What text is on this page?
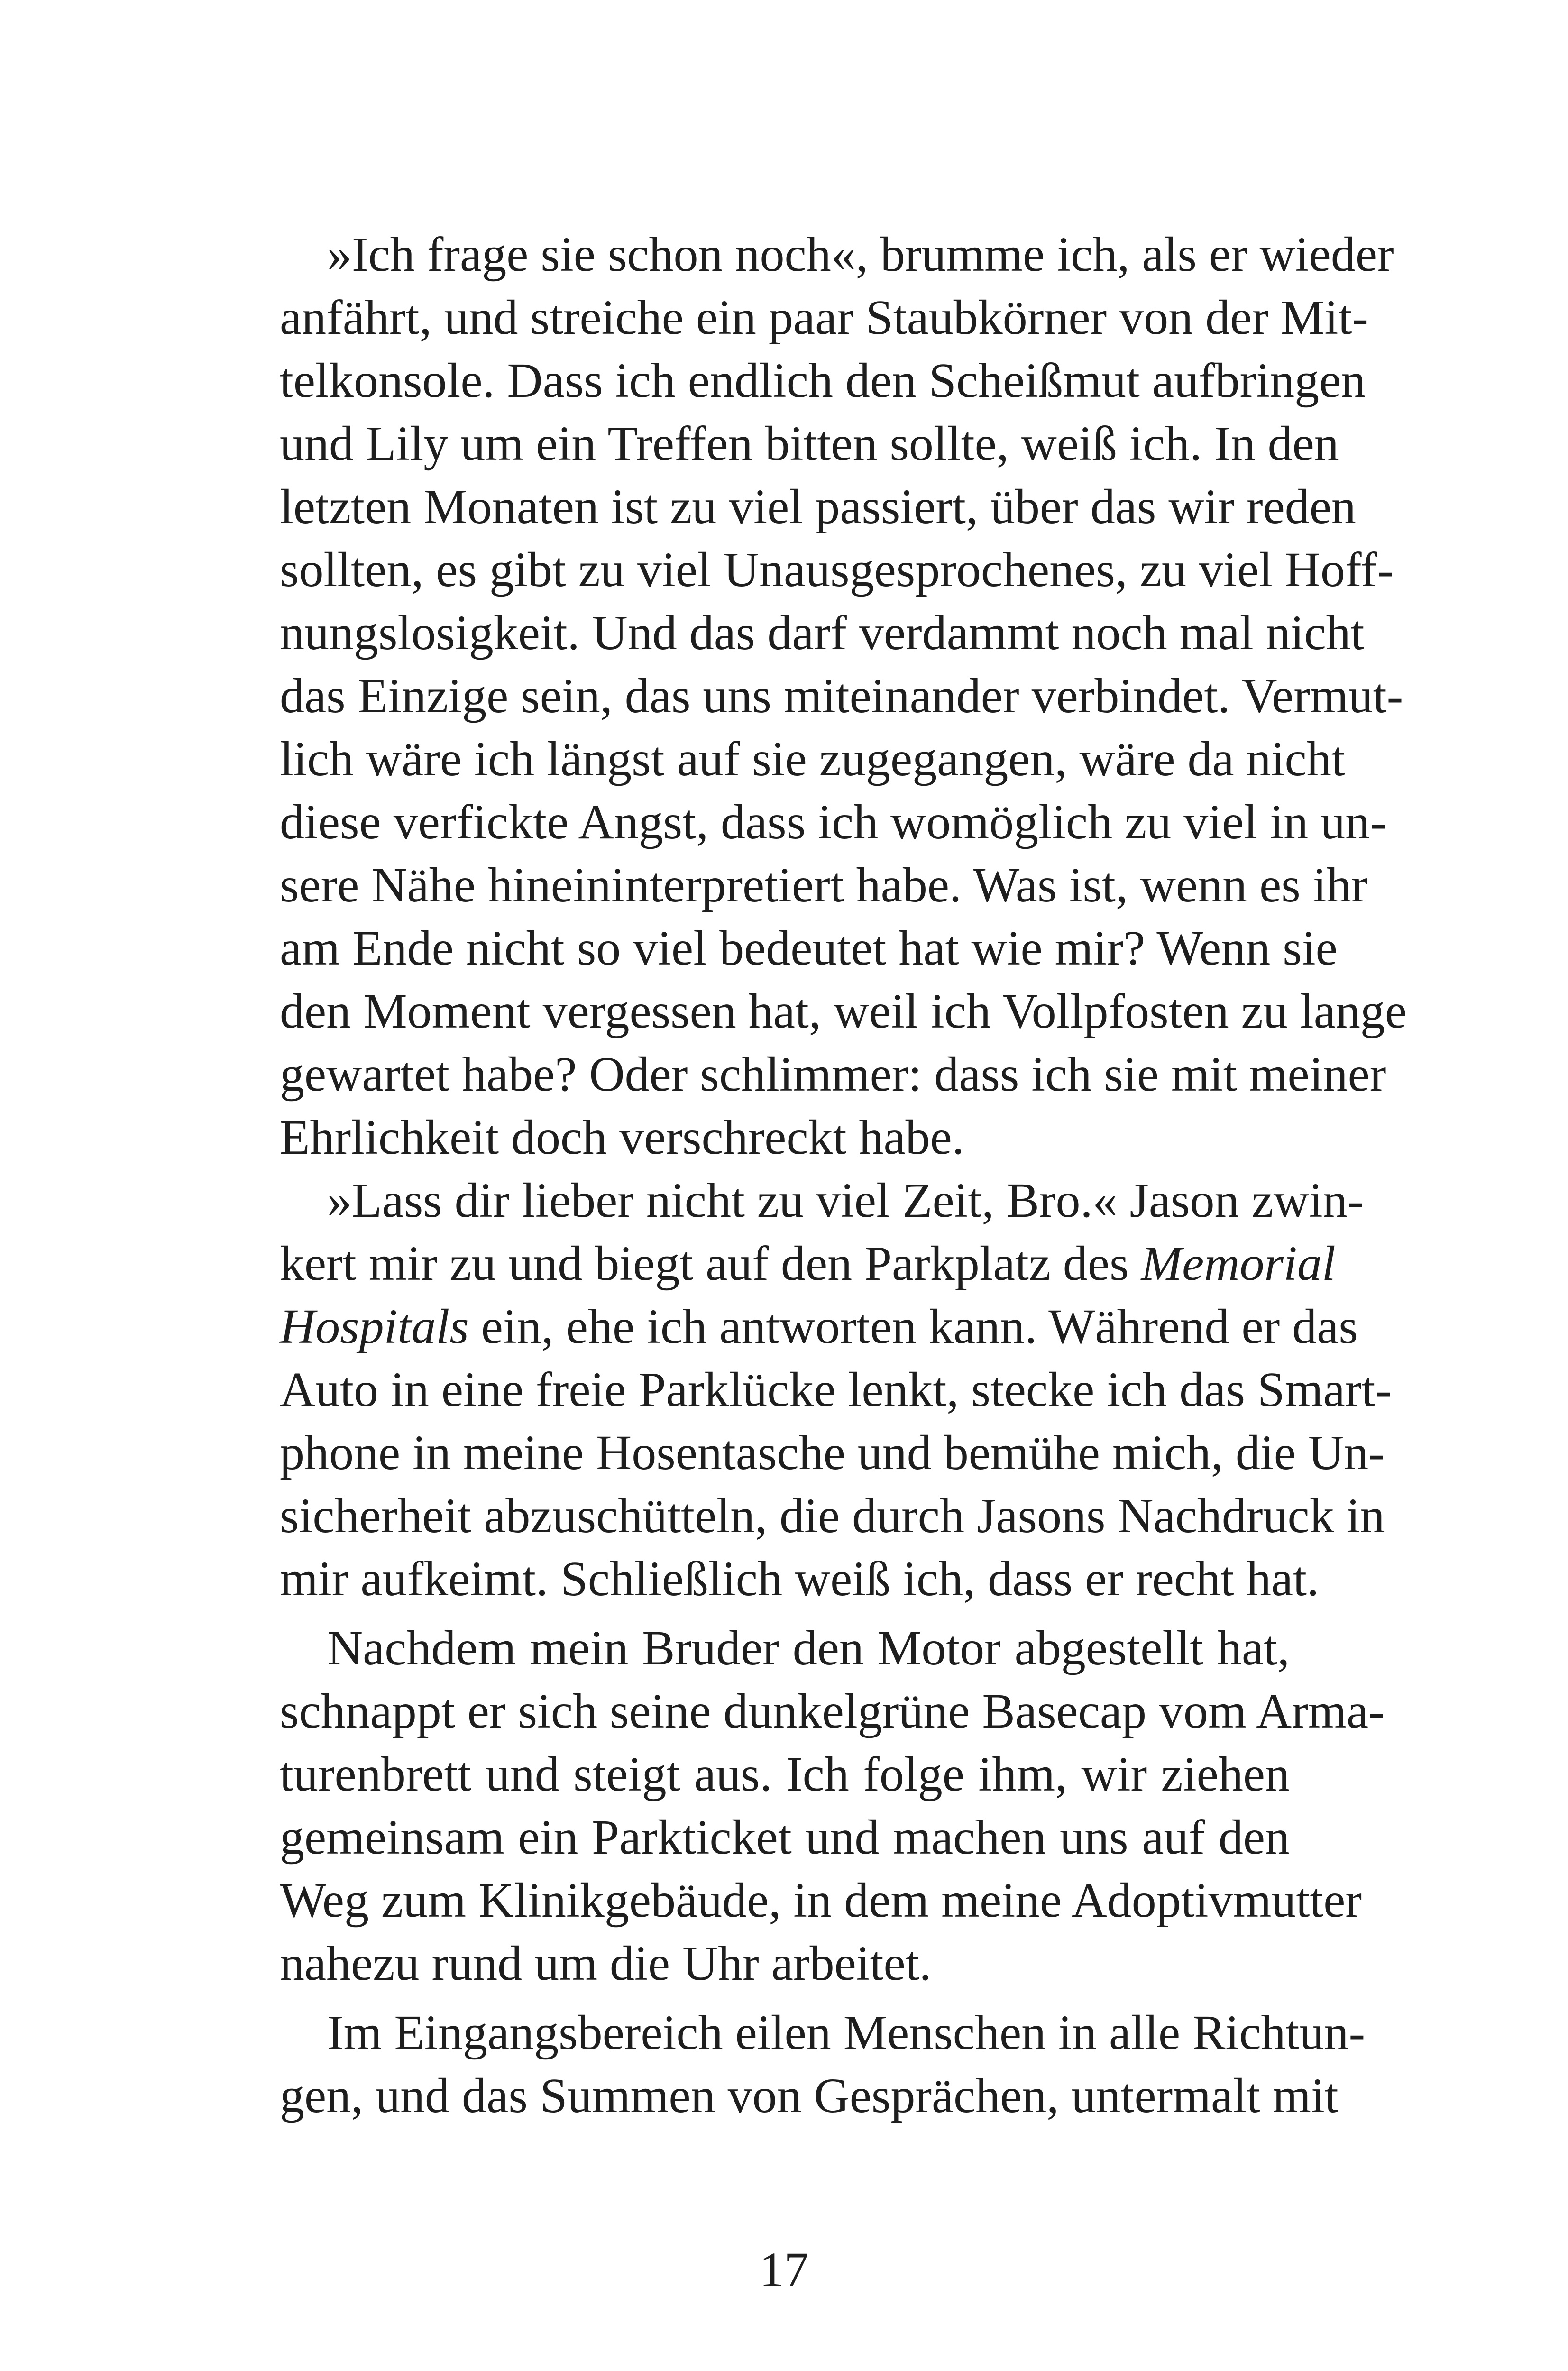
»Ich frage sie schon noch«, brumme ich, als er wieder
anfährt, und streiche ein paar Staubkörner von der Mit-
telkonsole. Dass ich endlich den Scheißmut aufbringen
und Lily um ein Treffen bitten sollte, weiß ich. In den
letzten Monaten ist zu viel passiert, über das wir reden
sollten, es gibt zu viel Unausgesprochenes, zu viel Hoff-
nungslosigkeit. Und das darf verdammt noch mal nicht
das Einzige sein, das uns miteinander verbindet. Vermut-
lich wäre ich längst auf sie zugegangen, wäre da nicht
diese verfickte Angst, dass ich womöglich zu viel in un-
sere Nähe hineininterpretiert habe. Was ist, wenn es ihr
am Ende nicht so viel bedeutet hat wie mir? Wenn sie
den Moment vergessen hat, weil ich Vollpfosten zu lange
gewartet habe? Oder schlimmer: dass ich sie mit meiner
Ehrlichkeit doch verschreckt habe.
»Lass dir lieber nicht zu viel Zeit, Bro.« Jason zwin-
kert mir zu und biegt auf den Parkplatz des Memorial
Hospitals ein, ehe ich antworten kann. Während er das
Auto in eine freie Parklücke lenkt, stecke ich das Smart-
phone in meine Hosentasche und bemühe mich, die Un-
sicherheit abzuschütteln, die durch Jasons Nachdruck in
mir aufkeimt. Schließlich weiß ich, dass er recht hat.
Nachdem mein Bruder den Motor abgestellt hat,
schnappt er sich seine dunkelgrüne Basecap vom Arma-
turenbrett und steigt aus. Ich folge ihm, wir ziehen
gemeinsam ein Parkticket und machen uns auf den
Weg zum Klinikgebäude, in dem meine Adoptivmutter
nahezu rund um die Uhr arbeitet.
Im Eingangsbereich eilen Menschen in alle Richtun-
gen, und das Summen von Gesprächen, untermalt mit
17
